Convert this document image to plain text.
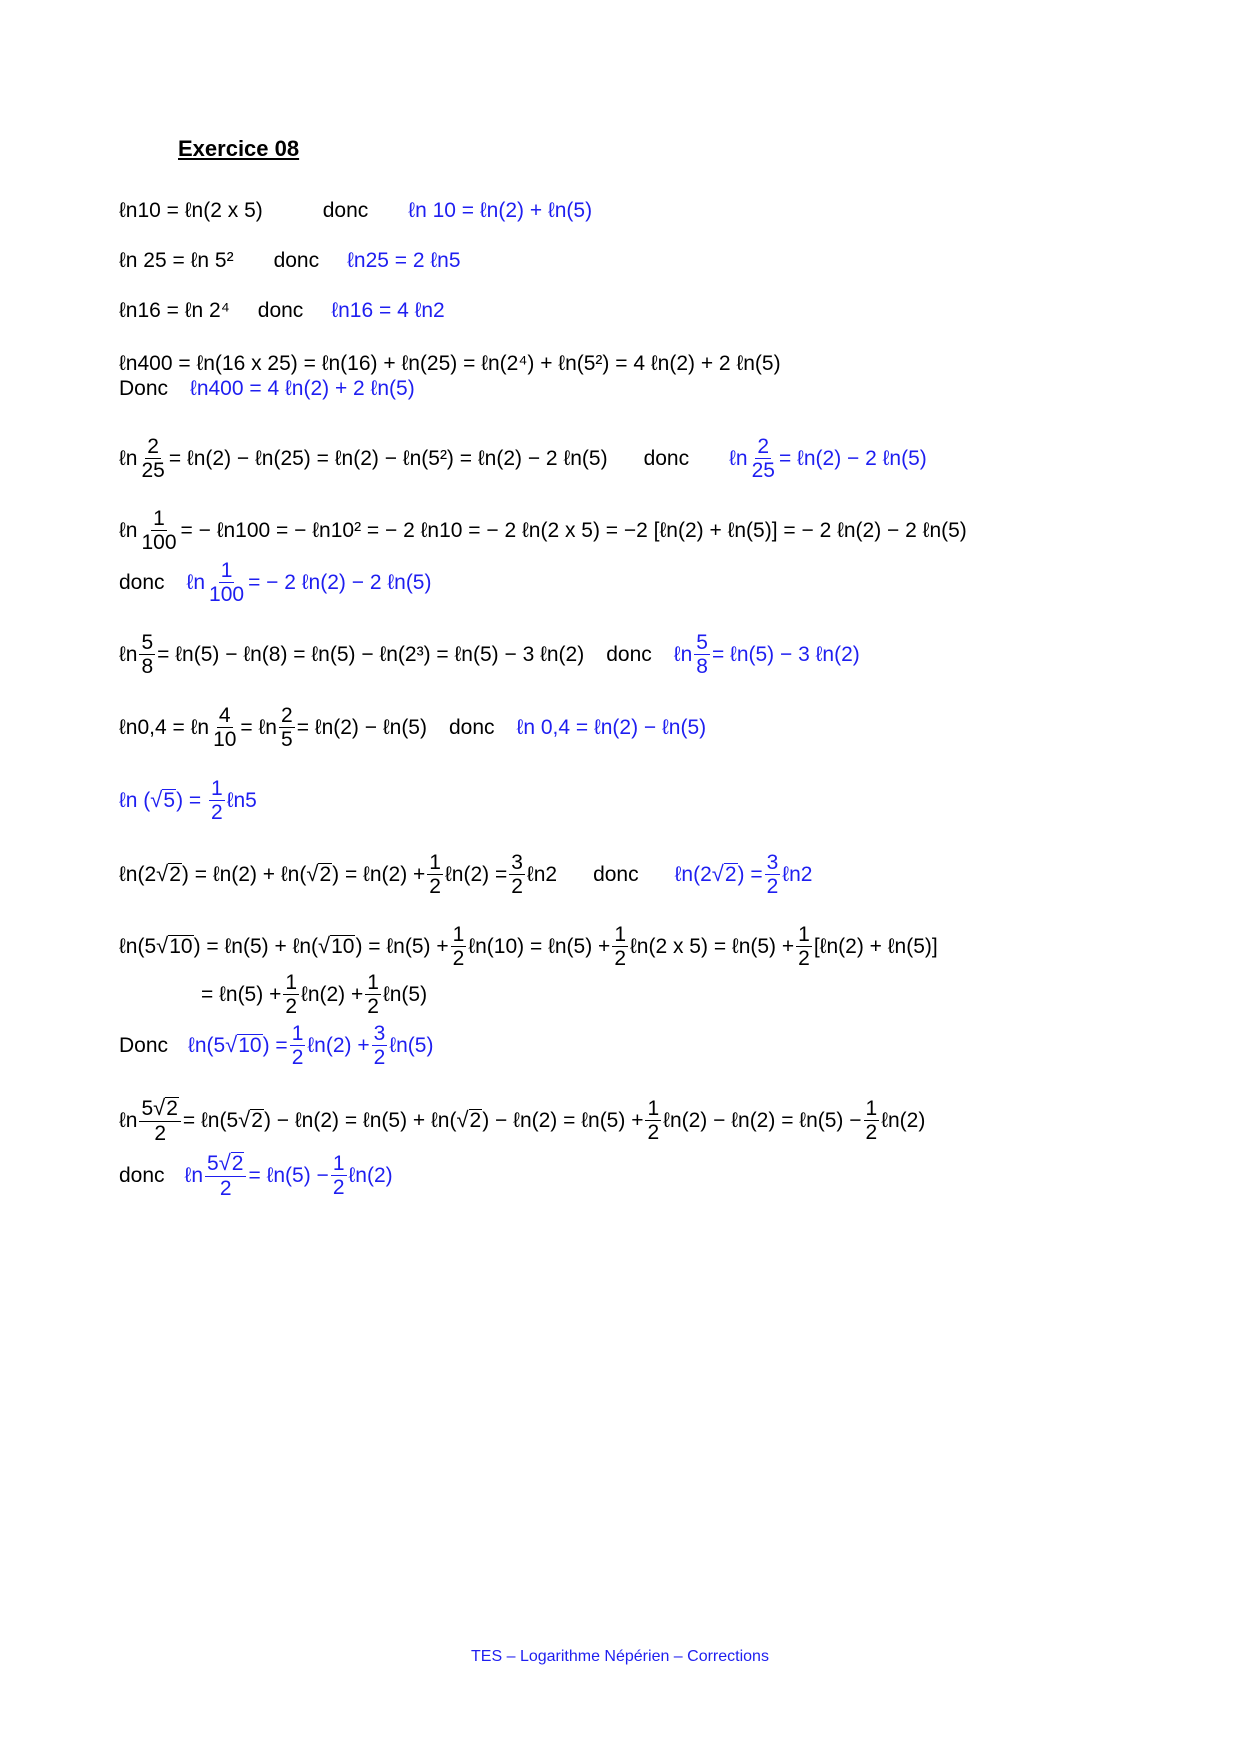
Exercice 08
ℓn10 = ℓn(2 x 5)	donc ℓn 10 = ℓn(2) + ℓn(5)
ℓn 25 = ℓn 5² donc ℓn25 = 2 ℓn5
ℓn16 = ℓn 2⁴ donc ℓn16 = 4 ℓn2
ℓn400 = ℓn(16 x 25) = ℓn(16) + ℓn(25) = ℓn(2⁴) + ℓn(5²) = 4 ℓn(2) + 2 ℓn(5)
Donc ℓn400 = 4 ℓn(2) + 2 ℓn(5)
ℓn $\frac{2}{25}$ = ℓn(2) − ℓn(25) = ℓn(2) − ℓn(5²) = ℓn(2) − 2 ℓn(5) donc ℓn $\frac{2}{25}$ = ℓn(2) − 2 ℓn(5)
ℓn $\frac{1}{100}$ = − ℓn100 = − ℓn10² = − 2 ℓn10 = − 2 ℓn(2 x 5) = −2 [ℓn(2) + ℓn(5)] = − 2 ℓn(2) − 2 ℓn(5)
donc ℓn $\frac{1}{100}$ = − 2 ℓn(2) − 2 ℓn(5)
ℓn $\frac{5}{8}$ = ℓn(5) − ℓn(8) = ℓn(5) − ℓn(2³) = ℓn(5) − 3 ℓn(2) donc ℓn $\frac{5}{8}$ = ℓn(5) − 3 ℓn(2)
ℓn0,4 = ℓn $\frac{4}{10}$ = ℓn $\frac{2}{5}$ = ℓn(2) − ℓn(5) donc ℓn 0,4 = ℓn(2) − ℓn(5)
ℓn ( √ 5 ) = $\frac{1}{2}$ ℓn5
ℓn(2 √ 2 ) = ℓn(2) + ℓn( √ 2 ) = ℓn(2) + $\frac{1}{2}$ ℓn(2) = $\frac{3}{2}$ ℓn2 donc ℓn(2 √ 2 ) = $\frac{3}{2}$ ℓn2
ℓn(5 √ 10 ) = ℓn(5) + ℓn( √ 10 ) = ℓn(5) + $\frac{1}{2}$ ℓn(10) = ℓn(5) + $\frac{1}{2}$ ℓn(2 x 5) = ℓn(5) + $\frac{1}{2}$ [ℓn(2) + ℓn(5)]
= ℓn(5) + $\frac{1}{2}$ ℓn(2) + $\frac{1}{2}$ ℓn(5)
Donc ℓn(5 √ 10 ) = $\frac{1}{2}$ ℓn(2) + $\frac{3}{2}$ ℓn(5)
ℓn $\frac{5 √ 2}{2}$ = ℓn(5 √ 2 ) − ℓn(2) = ℓn(5) + ℓn( √ 2 ) − ℓn(2) = ℓn(5) + $\frac{1}{2}$ ℓn(2) − ℓn(2) = ℓn(5) − $\frac{1}{2}$ ℓn(2)
donc ℓn $\frac{5 √ 2}{2}$ = ℓn(5) − $\frac{1}{2}$ ℓn(2)
TES – Logarithme Népérien – Corrections
